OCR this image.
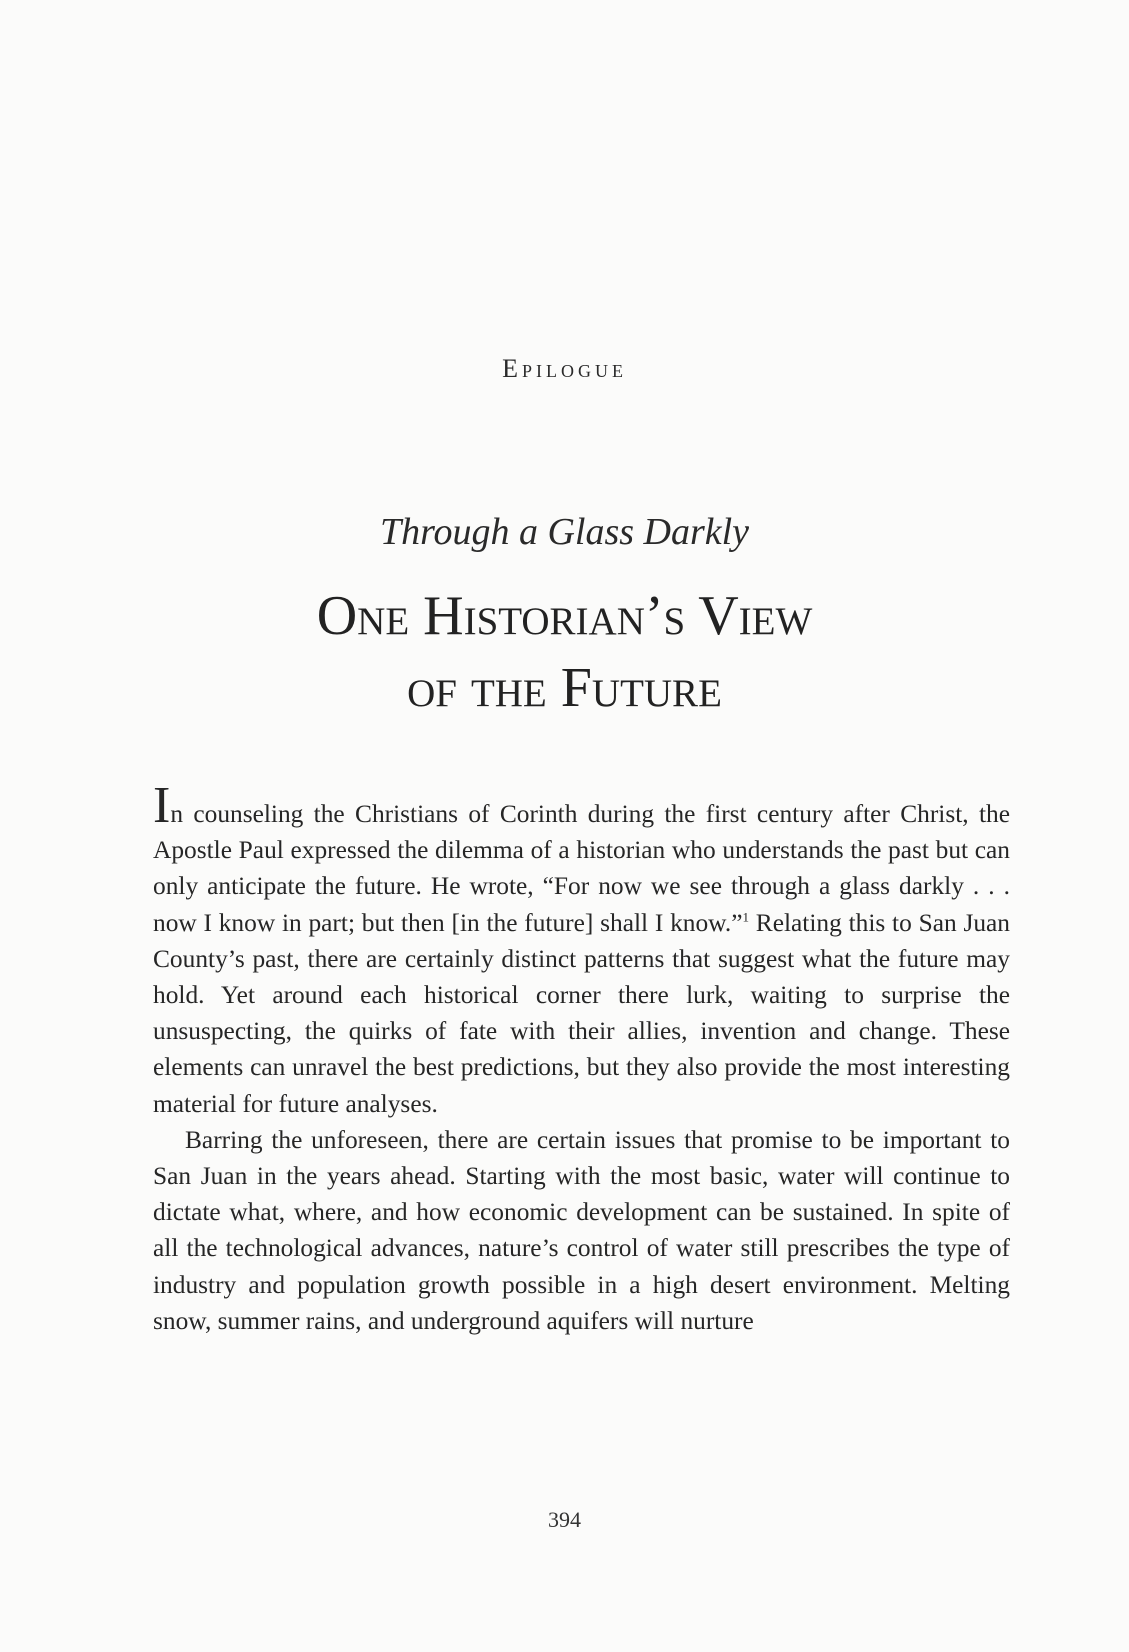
Epilogue
Through a Glass Darkly
One Historian’s View
of the Future

In counseling the Christians of Corinth during the first century after Christ, the Apostle Paul expressed the dilemma of a historian who understands the past but can only anticipate the future. He wrote, “For now we see through a glass darkly . . . now I know in part; but then [in the future] shall I know.”$^1$ Relating this to San Juan County’s past, there are certainly distinct patterns that suggest what the future may hold. Yet around each historical corner there lurk, waiting to surprise the unsuspecting, the quirks of fate with their allies, invention and change. These elements can unravel the best predictions, but they also provide the most interesting material for future analyses.

Barring the unforeseen, there are certain issues that promise to be important to San Juan in the years ahead. Starting with the most basic, water will continue to dictate what, where, and how economic development can be sustained. In spite of all the technological advances, nature’s control of water still prescribes the type of industry and population growth possible in a high desert environment. Melting snow, summer rains, and underground aquifers will nurture

394
